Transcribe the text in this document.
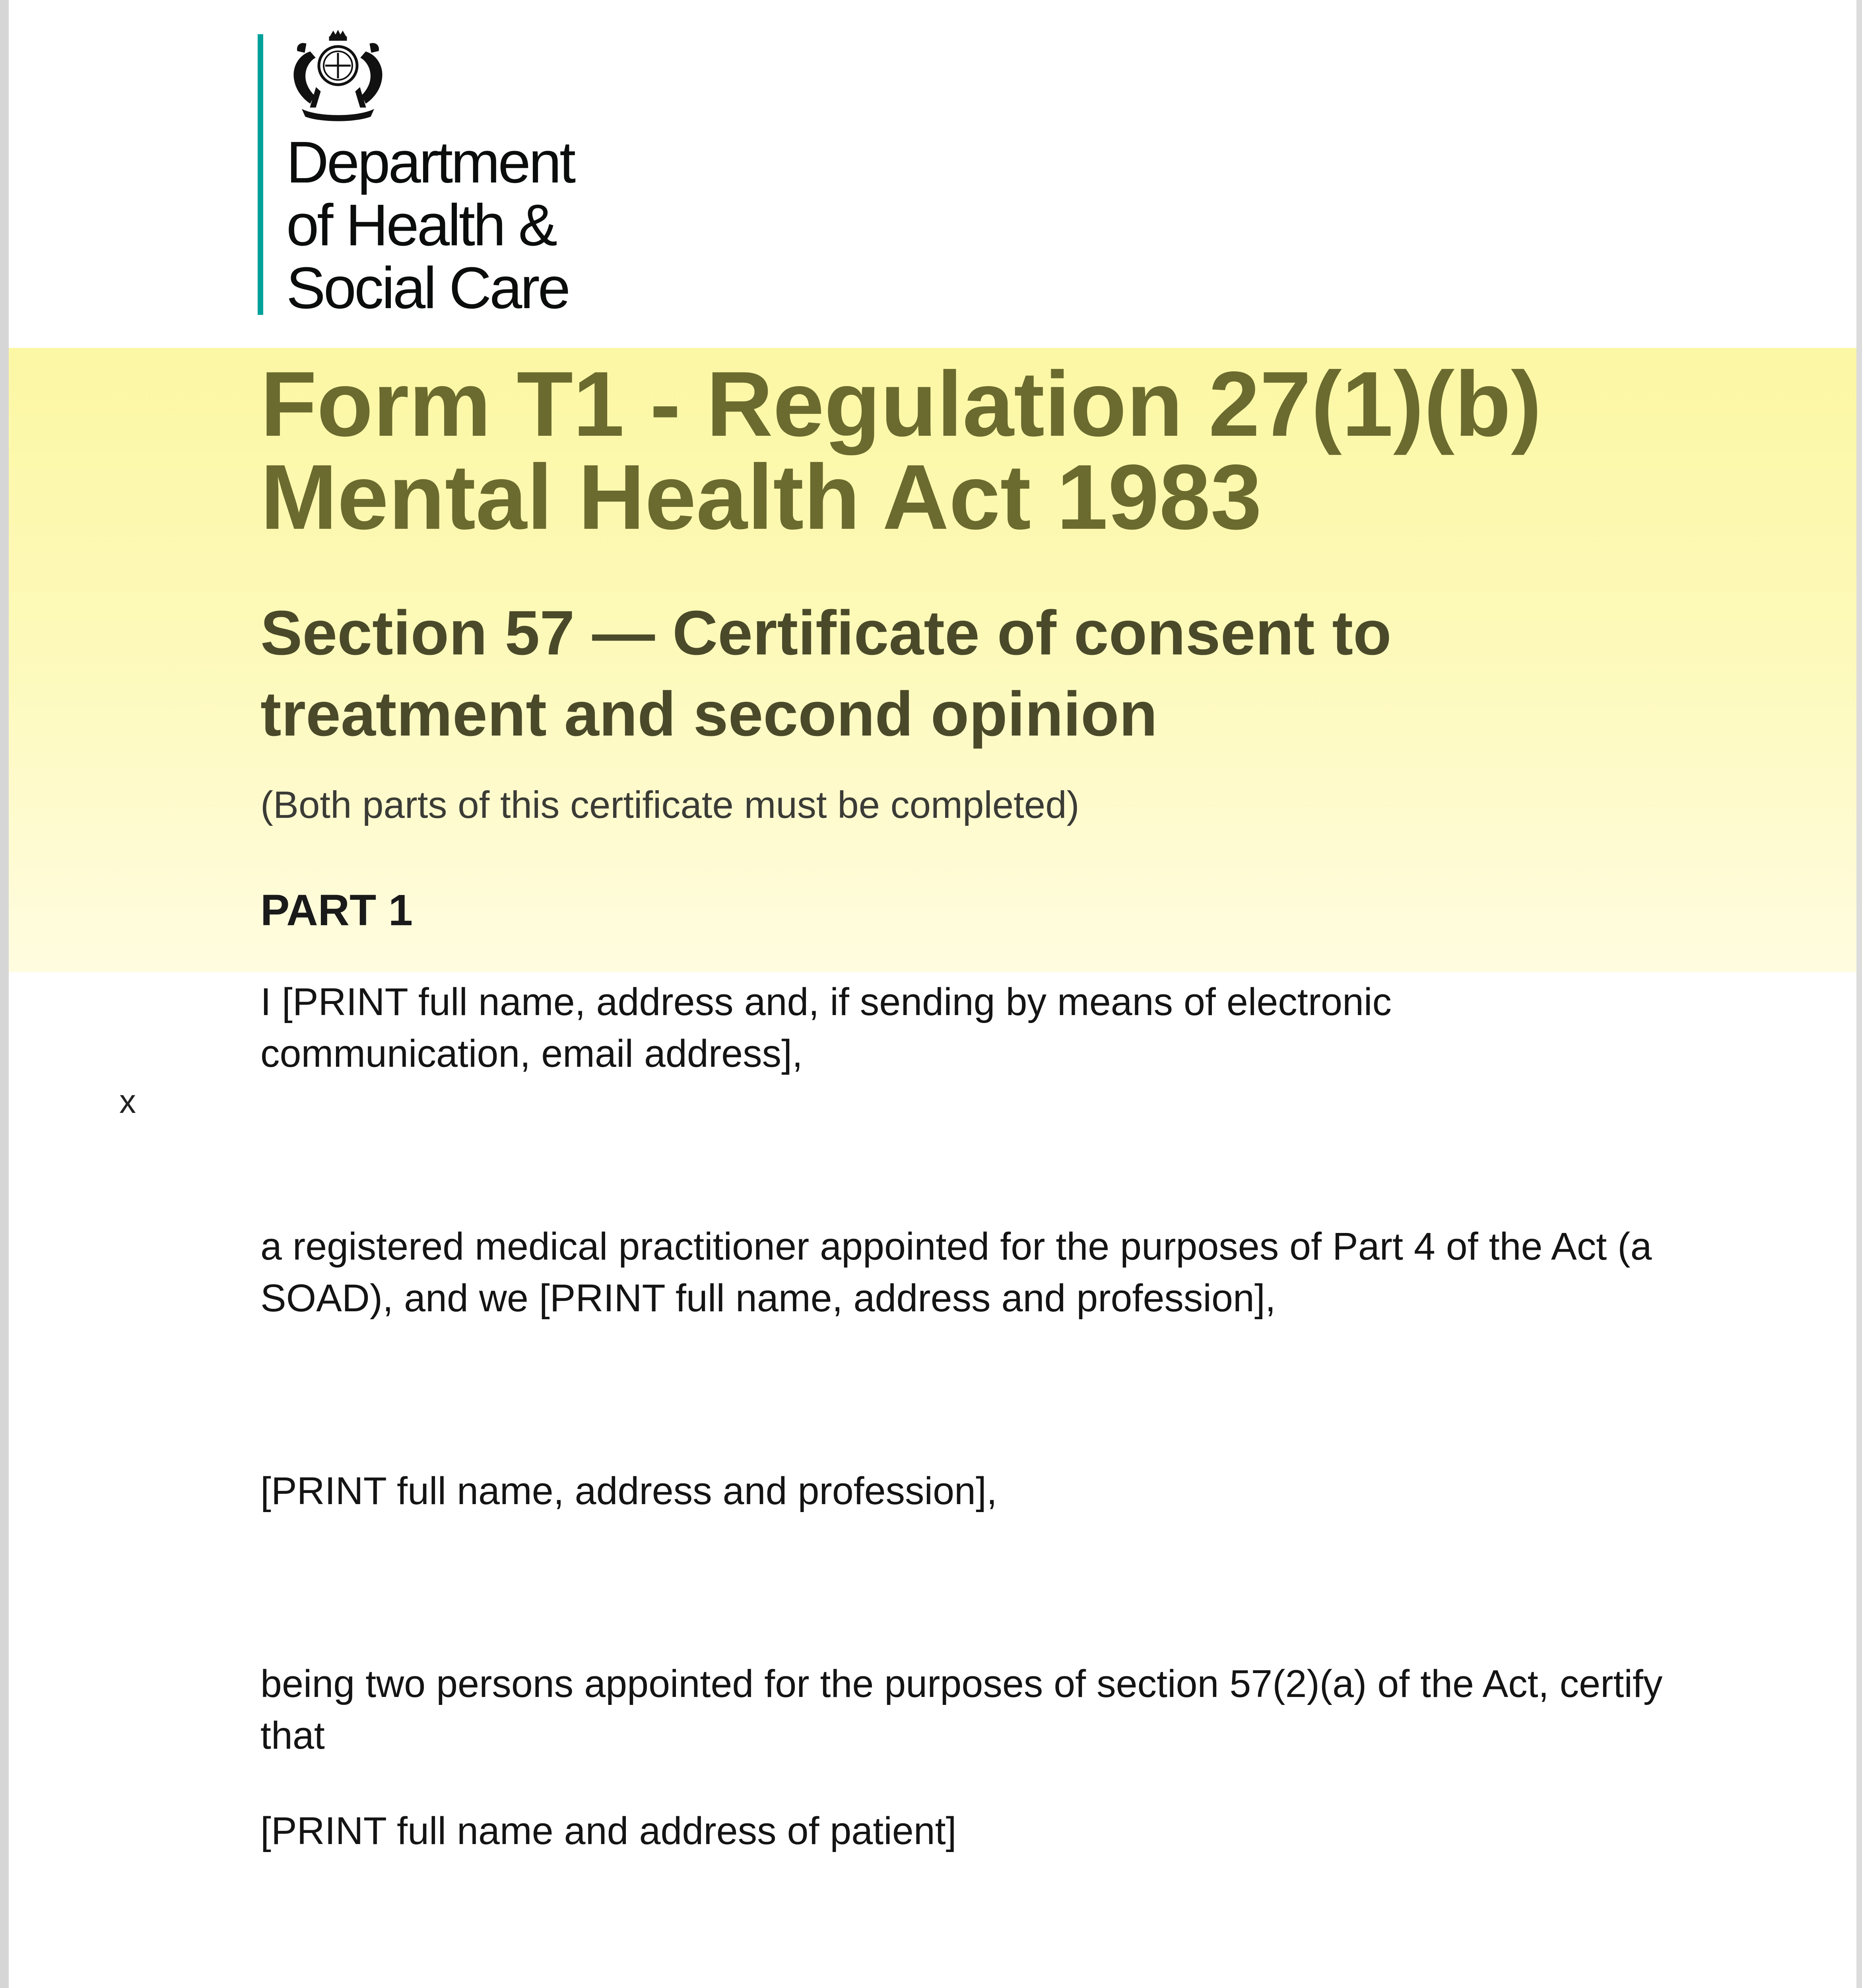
Department
of Health &
Social Care
Form T1 - Regulation 27(1)(b)
Mental Health Act 1983
Section 57 — Certificate of consent to
treatment and second opinion
(Both parts of this certificate must be completed)
PART 1
I [PRINT full name, address and, if sending by means of electronic
communication, email address],
x
a registered medical practitioner appointed for the purposes of Part 4 of the Act (a
SOAD), and we [PRINT full name, address and profession],
[PRINT full name, address and profession],
being two persons appointed for the purposes of section 57(2)(a) of the Act, certify
that
[PRINT full name and address of patient]
